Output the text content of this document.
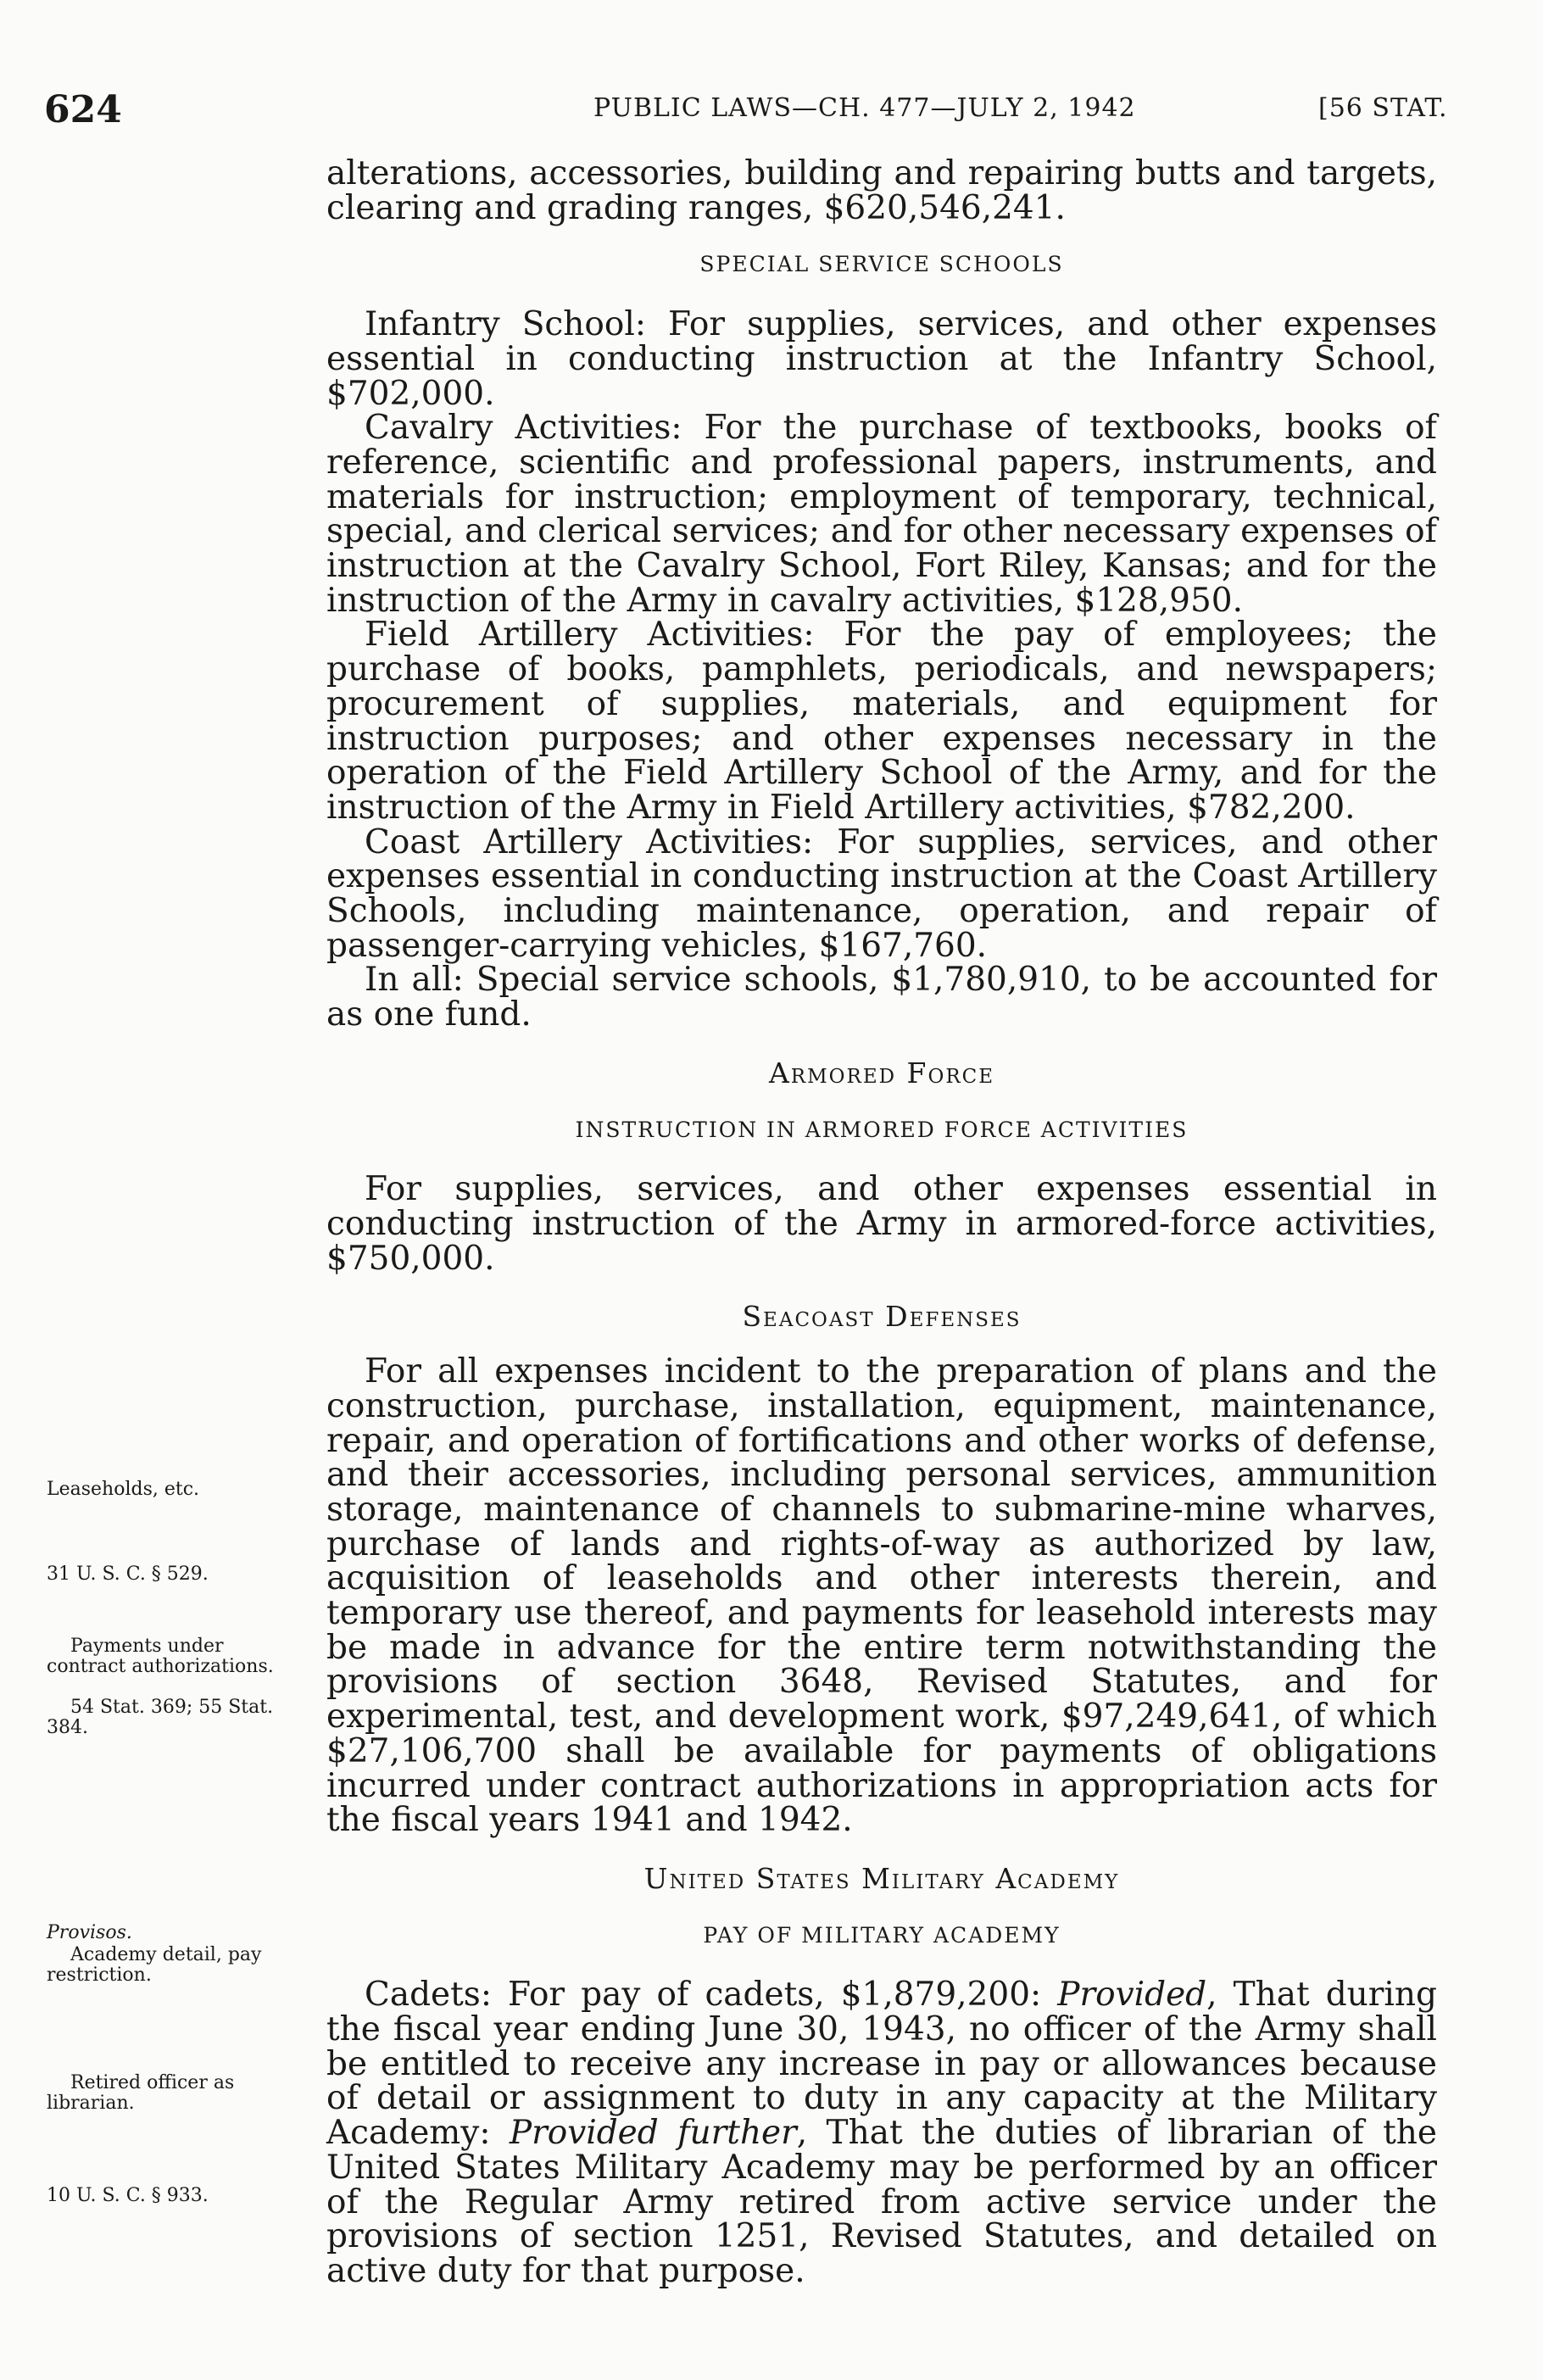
624	PUBLIC LAWS—CH. 477—JULY 2, 1942	[56 STAT.

alterations, accessories, building and repairing butts and targets, clearing and grading ranges, $620,546,241.

SPECIAL SERVICE SCHOOLS

Infantry School: For supplies, services, and other expenses essential in conducting instruction at the Infantry School, $702,000.

Cavalry Activities: For the purchase of textbooks, books of reference, scientific and professional papers, instruments, and materials for instruction; employment of temporary, technical, special, and clerical services; and for other necessary expenses of instruction at the Cavalry School, Fort Riley, Kansas; and for the instruction of the Army in cavalry activities, $128,950.

Field Artillery Activities: For the pay of employees; the purchase of books, pamphlets, periodicals, and newspapers; procurement of supplies, materials, and equipment for instruction purposes; and other expenses necessary in the operation of the Field Artillery School of the Army, and for the instruction of the Army in Field Artillery activities, $782,200.

Coast Artillery Activities: For supplies, services, and other expenses essential in conducting instruction at the Coast Artillery Schools, including maintenance, operation, and repair of passenger-carrying vehicles, $167,760.

In all: Special service schools, $1,780,910, to be accounted for as one fund.

Armored Force

INSTRUCTION IN ARMORED FORCE ACTIVITIES

For supplies, services, and other expenses essential in conducting instruction of the Army in armored-force activities, $750,000.

Seacoast Defenses

For all expenses incident to the preparation of plans and the construction, purchase, installation, equipment, maintenance, repair, and operation of fortifications and other works of defense, and their accessories, including personal services, ammunition storage, maintenance of channels to submarine-mine wharves, purchase of lands and rights-of-way as authorized by law, acquisition of leaseholds and other interests therein, and temporary use thereof, and payments for leasehold interests may be made in advance for the entire term notwithstanding the provisions of section 3648, Revised Statutes, and for experimental, test, and development work, $97,249,641, of which $27,106,700 shall be available for payments of obligations incurred under contract authorizations in appropriation acts for the fiscal years 1941 and 1942.

United States Military Academy

PAY OF MILITARY ACADEMY

Cadets: For pay of cadets, $1,879,200: Provided, That during the fiscal year ending June 30, 1943, no officer of the Army shall be entitled to receive any increase in pay or allowances because of detail or assignment to duty in any capacity at the Military Academy: Provided further, That the duties of librarian of the United States Military Academy may be performed by an officer of the Regular Army retired from active service under the provisions of section 1251, Revised Statutes, and detailed on active duty for that purpose.

Leaseholds, etc.
31 U. S. C. § 529.
Payments under contract authorizations.
54 Stat. 369; 55 Stat. 384.
Provisos.
Academy detail, pay restriction.
Retired officer as librarian.
10 U. S. C. § 933.
